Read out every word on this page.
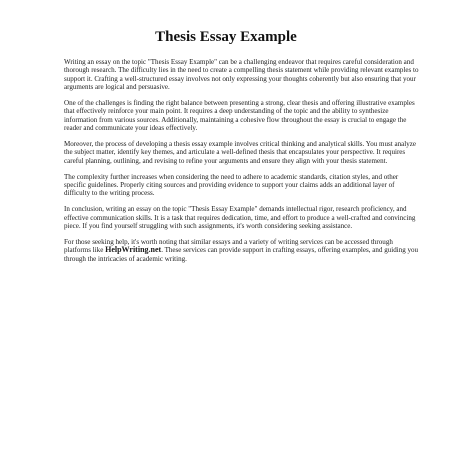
Thesis Essay Example

Writing an essay on the topic "Thesis Essay Example" can be a challenging endeavor that requires careful consideration and thorough research. The difficulty lies in the need to create a compelling thesis statement while providing relevant examples to support it. Crafting a well-structured essay involves not only expressing your thoughts coherently but also ensuring that your arguments are logical and persuasive.

One of the challenges is finding the right balance between presenting a strong, clear thesis and offering illustrative examples that effectively reinforce your main point. It requires a deep understanding of the topic and the ability to synthesize information from various sources. Additionally, maintaining a cohesive flow throughout the essay is crucial to engage the reader and communicate your ideas effectively.

Moreover, the process of developing a thesis essay example involves critical thinking and analytical skills. You must analyze the subject matter, identify key themes, and articulate a well-defined thesis that encapsulates your perspective. It requires careful planning, outlining, and revising to refine your arguments and ensure they align with your thesis statement.

The complexity further increases when considering the need to adhere to academic standards, citation styles, and other specific guidelines. Properly citing sources and providing evidence to support your claims adds an additional layer of difficulty to the writing process.

In conclusion, writing an essay on the topic "Thesis Essay Example" demands intellectual rigor, research proficiency, and effective communication skills. It is a task that requires dedication, time, and effort to produce a well-crafted and convincing piece. If you find yourself struggling with such assignments, it's worth considering seeking assistance.

For those seeking help, it's worth noting that similar essays and a variety of writing services can be accessed through platforms like HelpWriting.net. These services can provide support in crafting essays, offering examples, and guiding you through the intricacies of academic writing.
